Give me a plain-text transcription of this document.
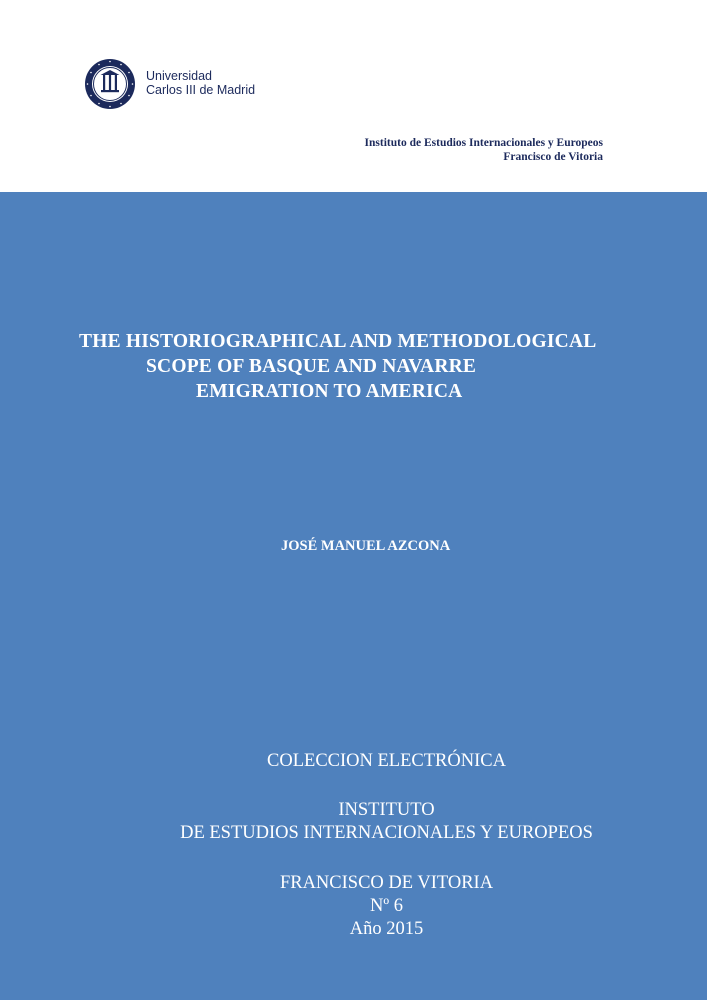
Universidad
Carlos III de Madrid
Instituto de Estudios Internacionales y Europeos
Francisco de Vitoria
THE HISTORIOGRAPHICAL AND METHODOLOGICAL
SCOPE OF BASQUE AND NAVARRE
EMIGRATION TO AMERICA
JOSÉ MANUEL AZCONA
COLECCION ELECTRÓNICA
INSTITUTO
DE ESTUDIOS INTERNACIONALES Y EUROPEOS
FRANCISCO DE VITORIA
Nº 6
Año 2015
